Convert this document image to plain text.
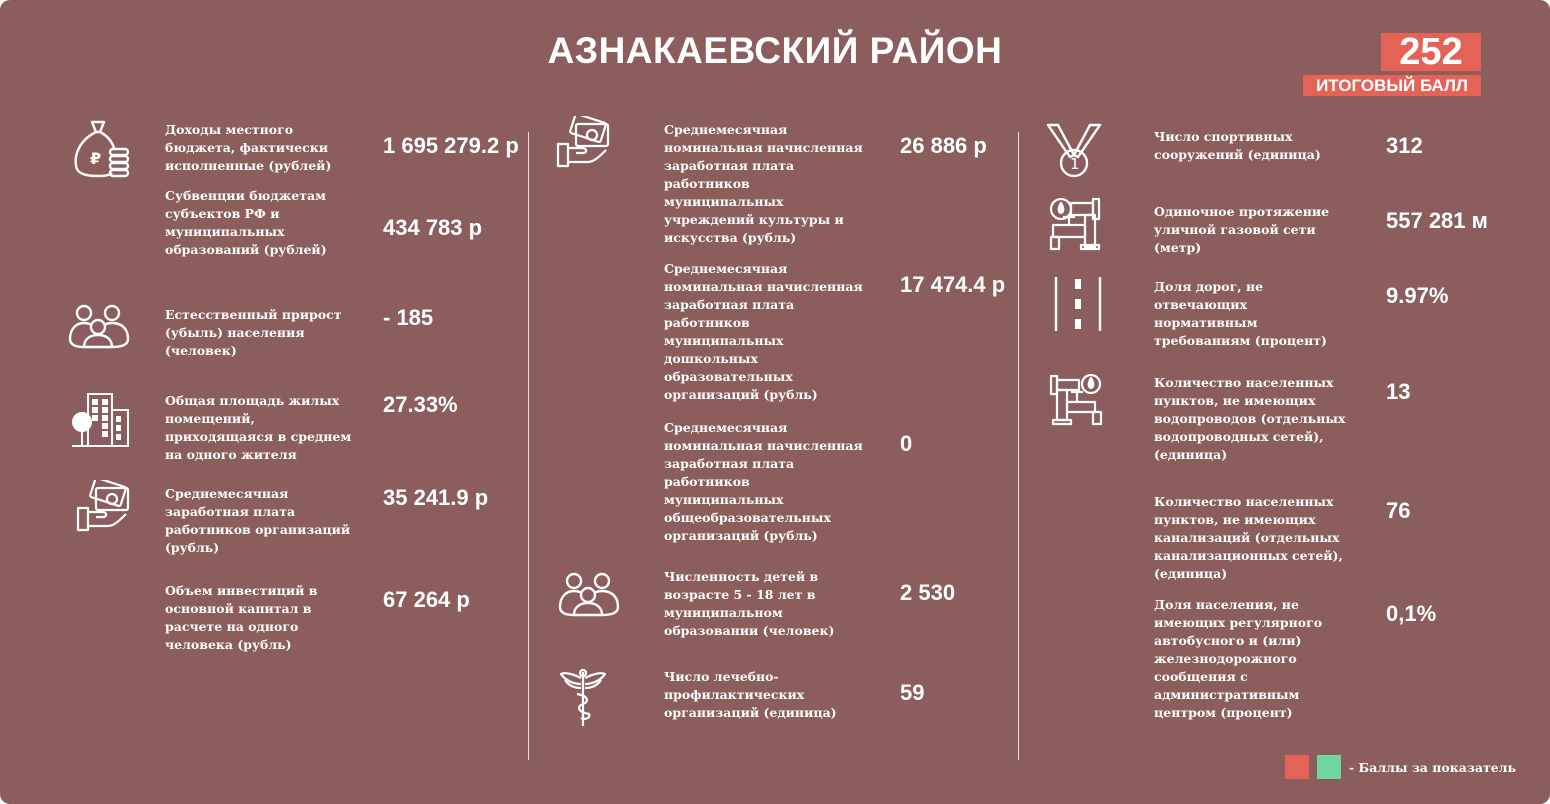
АЗНАКАЕВСКИЙ РАЙОН	252
ИТОГОВЫЙ БАЛЛ
₽
Доходы местного бюджета, фактически исполненные (рублей)
1 695 279.2 р
Субвенции бюджетам субъектов РФ и муниципальных образований (рублей)
434 783 р
Естесственный прирост (убыль) населения (человек)
- 185
Общая площадь жилых помещений, приходящаяся в среднем на одного жителя
27.33%
Среднемесячная заработная плата работников организаций (рубль)
35 241.9 р
Объем инвестиций в основной капитал в расчете на одного человека (рубль)
67 264 р
Среднемесячная номинальная начисленная заработная плата работников муниципальных учреждений культуры и искусства (рубль)
26 886 р
Среднемесячная номинальная начисленная заработная плата работников муниципальных дошкольных образовательных организаций (рубль)
17 474.4 р
Среднемесячная номинальная начисленная заработная плата работников муниципальных общеобразовательных организаций (рубль)
0
Численность детей в возрасте 5 - 18 лет в муниципальном образовании (человек)
2 530
Число лечебно-профилактических организаций (единица)
59
1
Число спортивных сооружений (единица)	312
Одиночное протяжение уличной газовой сети (метр)
557 281 м
Доля дорог, не отвечающих нормативным требованиям (процент)
9.97%
Количество населенных пунктов, не имеющих водопроводов (отдельных водопроводных сетей), (единица)
13
Количество населенных пунктов, не имеющих канализаций (отдельных канализационных сетей), (единица)
76
Доля населения, не имеющих регулярного автобусного и (или) железнодорожного сообщения с административным центром (процент)
0,1%
- Баллы за показатель
